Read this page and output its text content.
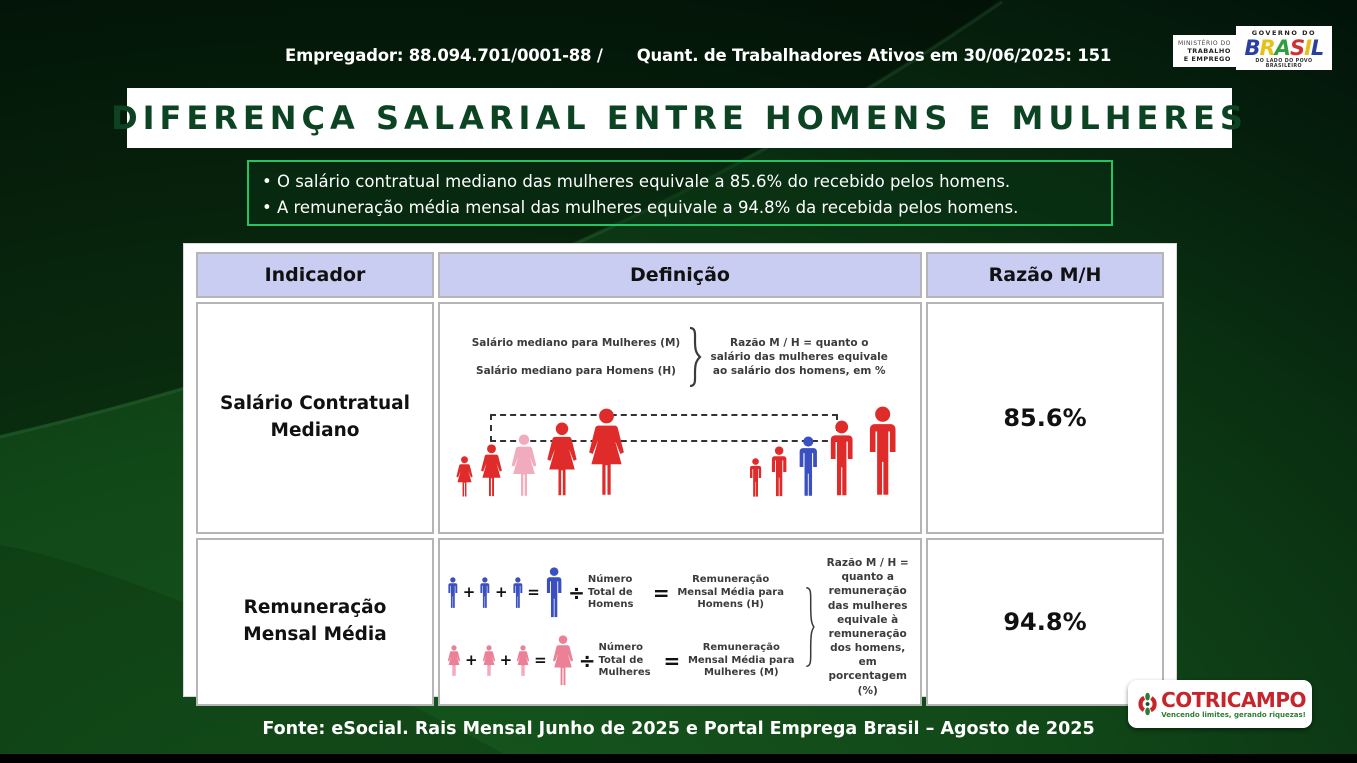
Empregador: 88.094.701/0001-88 / Quant. de Trabalhadores Ativos em 30/06/2025: 151
MINISTÉRIO DO
TRABALHO
E EMPREGO
GOVERNO DO
BRASIL
DO LADO DO POVO BRASILEIRO
DIFERENÇA SALARIAL ENTRE HOMENS E MULHERES
• O salário contratual mediano das mulheres equivale a 85.6% do recebido pelos homens.
• A remuneração média mensal das mulheres equivale a 94.8% da recebida pelos homens.
Indicador	Definição	Razão M/H
Salário Contratual Mediano
Salário mediano para Mulheres (M)
Salário mediano para Homens (H)
Razão M / H = quanto o salário das mulheres equivale ao salário dos homens, em %
85.6%
Remuneração Mensal Média
+ + = ÷
Número Total de Homens =
Remuneração Mensal Média para Homens (H)
+ + = ÷
Número Total de Mulheres =
Remuneração Mensal Média para Mulheres (M)
Razão M / H = quanto a remuneração das mulheres equivale à remuneração dos homens, em porcentagem (%)
94.8%
Fonte: eSocial. Rais Mensal Junho de 2025 e Portal Emprega Brasil – Agosto de 2025
COTRICAMPO
Vencendo limites, gerando riquezas!
